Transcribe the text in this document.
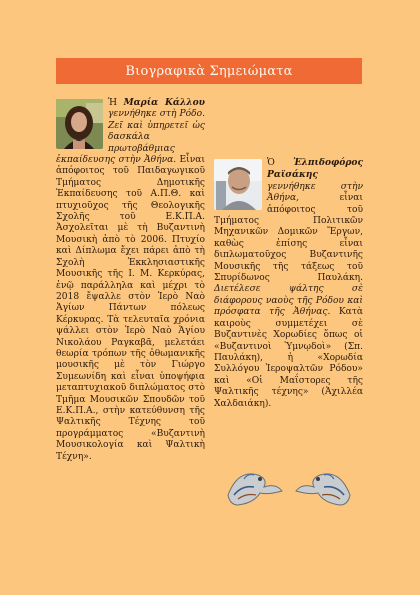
Βιογραφικὰ Σημειώματα

Ἡ Μαρία Κάλλου γεννήθηκε στὴ Ρόδο. Ζεῖ καὶ ὑπηρετεῖ ὡς δασκάλα πρωτοβάθμιας ἐκπαίδευσης στὴν Ἀθήνα. Εἶναι ἀπόφοιτος τοῦ Παιδαγωγικοῦ Τμήματος Δημοτικῆς Ἐκπαίδευσης τοῦ Α.Π.Θ. καὶ πτυχιοῦχος τῆς Θεολογικῆς Σχολῆς τοῦ Ε.Κ.Π.Α. Ἀσχολεῖται μὲ τὴ Βυζαντινὴ Μουσικὴ ἀπὸ τὸ 2006. Πτυχίο καὶ Δίπλωμα ἔχει πάρει ἀπὸ τὴ Σχολὴ Ἐκκλησιαστικῆς Μουσικῆς τῆς Ι. Μ. Κερκύρας, ἐνῷ παράλληλα καὶ μέχρι τὸ 2018 ἔψαλλε στὸν Ἱερὸ Ναὸ Ἁγίων Πάντων πόλεως Κέρκυρας. Τὰ τελευταῖα χρόνια ψάλλει στὸν Ἱερὸ Ναὸ Ἁγίου Νικολάου Ραγκαβᾶ, μελετάει θεωρία τρόπων τῆς ὀθωμανικῆς μουσικῆς μὲ τὸν Γιώργο Συμεωνίδη καὶ εἶναι ὑποψήφια μεταπτυχιακοῦ διπλώματος στὸ Τμῆμα Μουσικῶν Σπουδῶν τοῦ Ε.Κ.Π.Α., στὴν κατεύθυνση τῆς Ψαλτικῆς Τέχνης τοῦ προγράμματος «Βυζαντινὴ Μουσικολογία καὶ Ψαλτικὴ Τέχνη».

Ὁ Ἐλπιδοφόρος Ραϊσάκης γεννήθηκε στὴν Ἀθήνα,	εἶναι ἀπόφοιτος τοῦ Τμήματος Πολιτικῶν Μηχανικῶν Δομικῶν Ἔργων, καθὼς ἐπίσης εἶναι διπλωματοῦχος Βυζαντινῆς Μουσικῆς τῆς τάξεως τοῦ Σπυρίδωνος Παυλάκη. Διετέλεσε ψάλτης σὲ διάφορους ναοὺς τῆς Ρόδου καὶ πρόσφατα τῆς Ἀθήνας. Κατὰ καιροὺς συμμετέχει σὲ Βυζαντινὲς Χορωδίες ὅπως οἱ «Βυζαντινοὶ Ὑμνῳδοὶ» (Σπ. Παυλάκη), ἡ «Χορωδία Συλλόγου Ἱεροψαλτῶν Ρόδου» καὶ «Οἱ Μαΐστορες τῆς Ψαλτικῆς τέχνης» (Ἀχιλλέα Χαλδαιάκη).
